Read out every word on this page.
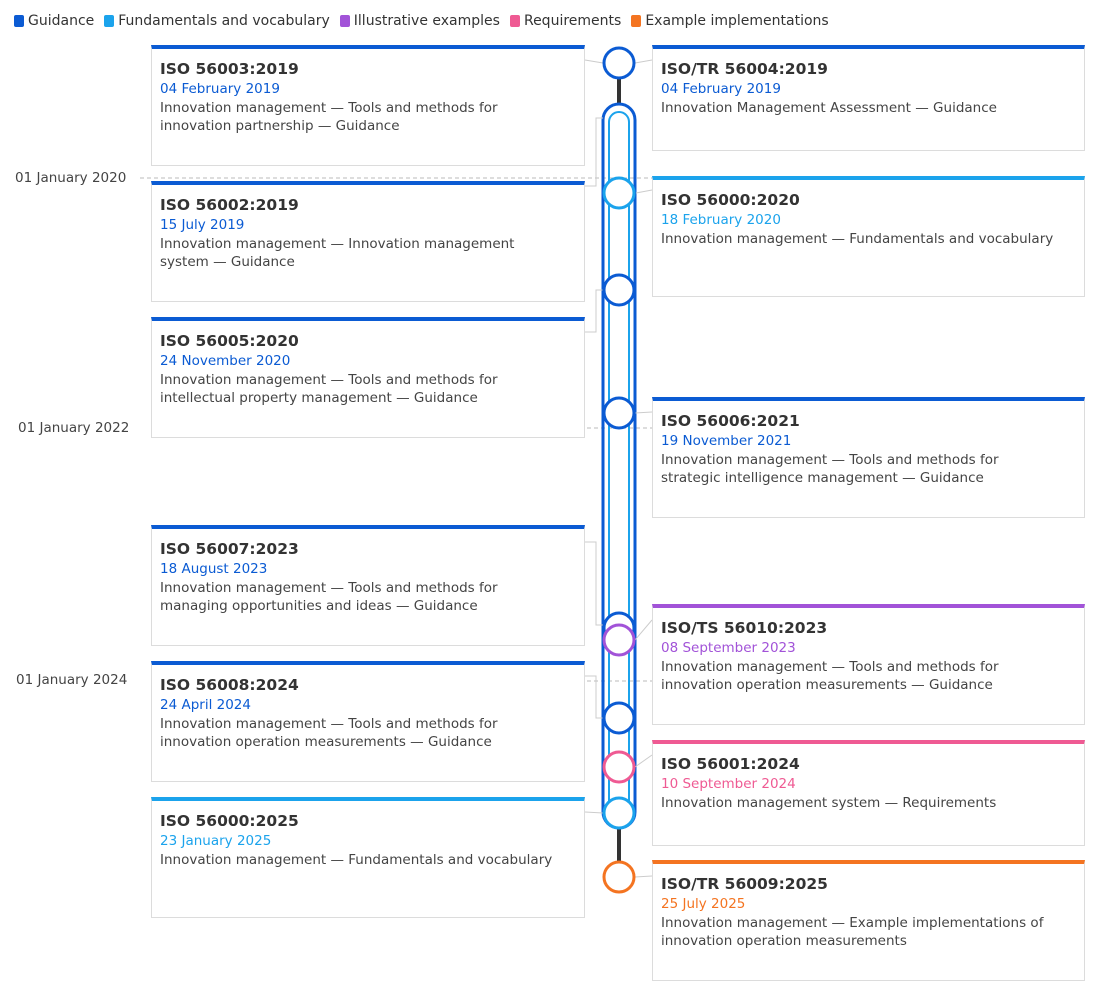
Guidance Fundamentals and vocabulary Illustrative examples Requirements Example implementations
01 January 2020
01 January 2022
01 January 2024
ISO 56003:2019
04 February 2019
Innovation management — Tools and methods for innovation partnership — Guidance
ISO/TR 56004:2019
04 February 2019
Innovation Management Assessment — Guidance
ISO 56002:2019
15 July 2019
Innovation management — Innovation management system — Guidance
ISO 56000:2020
18 February 2020
Innovation management — Fundamentals and vocabulary
ISO 56005:2020
24 November 2020
Innovation management — Tools and methods for intellectual property management — Guidance
ISO 56006:2021
19 November 2021
Innovation management — Tools and methods for strategic intelligence management — Guidance
ISO 56007:2023
18 August 2023
Innovation management — Tools and methods for managing opportunities and ideas — Guidance
ISO/TS 56010:2023
08 September 2023
Innovation management — Tools and methods for innovation operation measurements — Guidance
ISO 56008:2024
24 April 2024
Innovation management — Tools and methods for innovation operation measurements — Guidance
ISO 56001:2024
10 September 2024
Innovation management system — Requirements
ISO 56000:2025
23 January 2025
Innovation management — Fundamentals and vocabulary
ISO/TR 56009:2025
25 July 2025
Innovation management — Example implementations of innovation operation measurements
